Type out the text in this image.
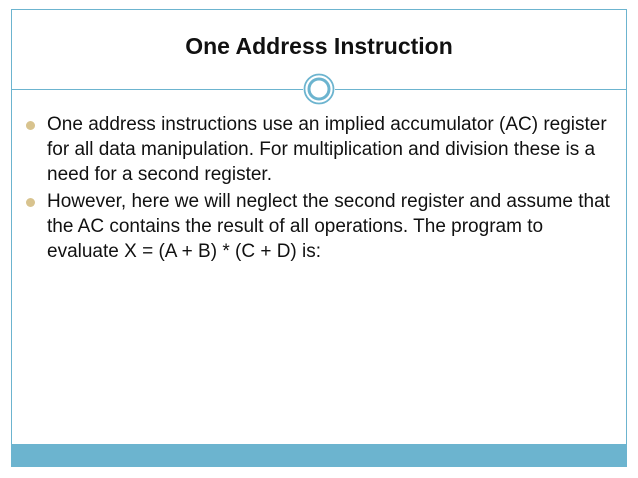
One Address Instruction
One address instructions use an implied accumulator (AC) register for all data manipulation. For multiplication and division these is a need for a second register.
However, here we will neglect the second register and assume that the AC contains the result of all operations. The program to evaluate X = (A + B) * (C + D) is:
